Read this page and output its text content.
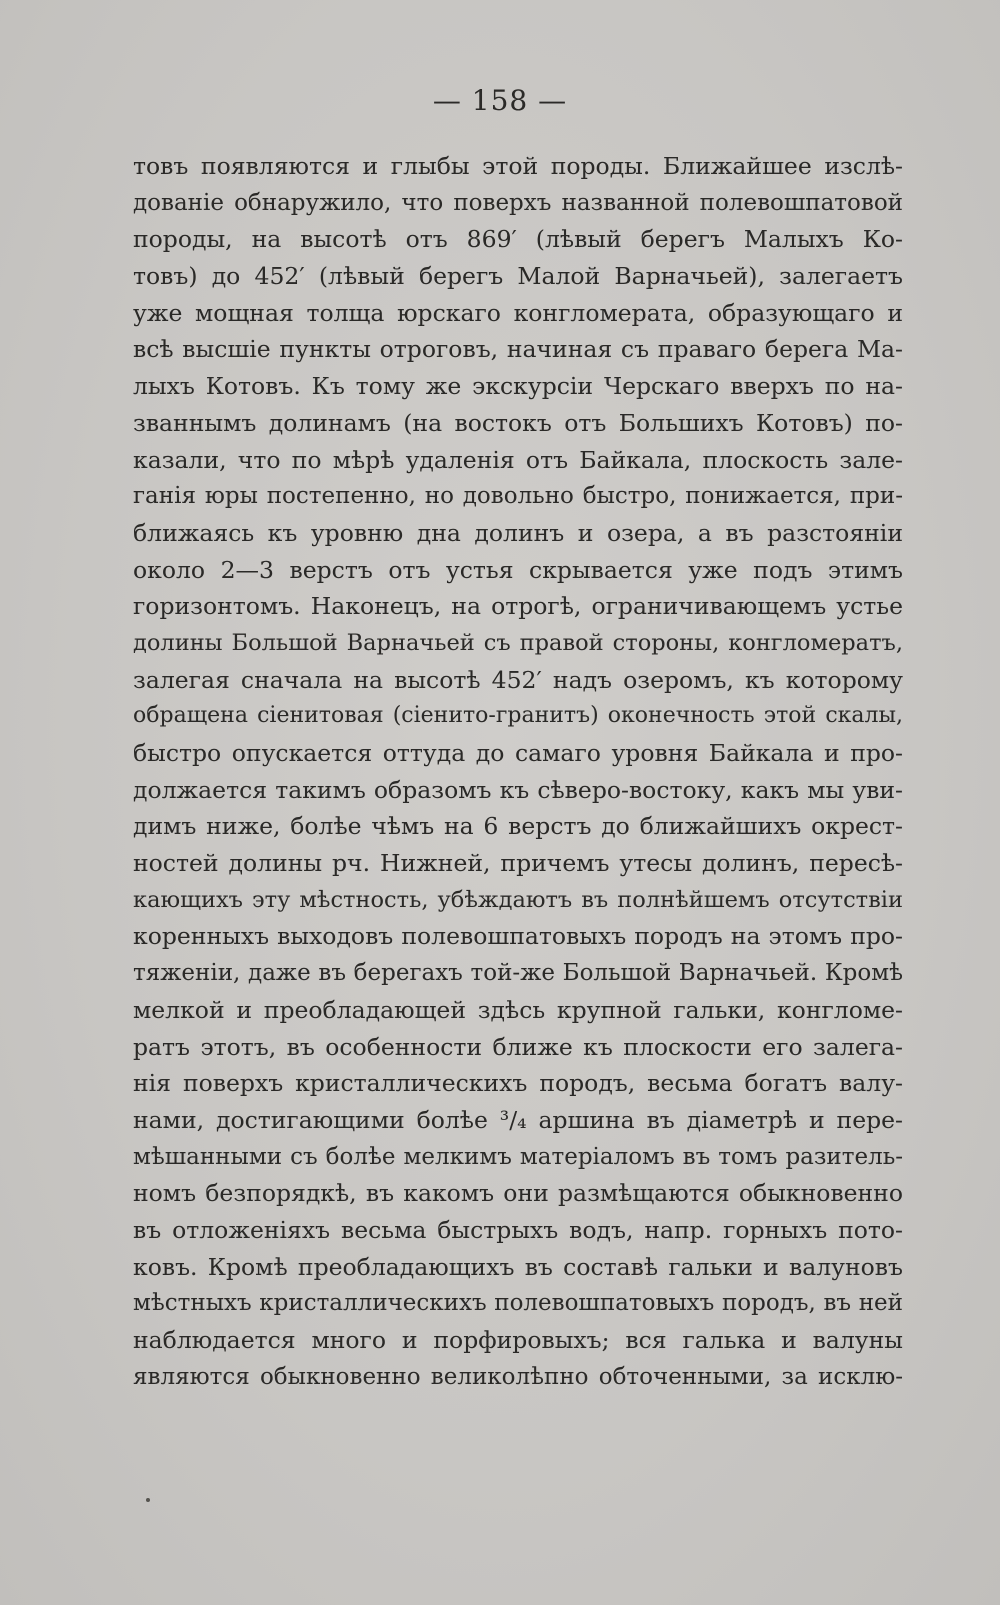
— 158 —
товъ появляются и глыбы этой породы. Ближайшее изслѣ-
дованіе обнаружило, что поверхъ названной полевошпатовой
породы, на высотѣ отъ 869′ (лѣвый берегъ Малыхъ Ко-
товъ) до 452′ (лѣвый берегъ Малой Варначьей), залегаетъ
уже мощная толща юрскаго конгломерата, образующаго и
всѣ высшіе пункты отроговъ, начиная съ праваго берега Ма-
лыхъ Котовъ. Къ тому же экскурсіи Черскаго вверхъ по на-
званнымъ долинамъ (на востокъ отъ Большихъ Котовъ) по-
казали, что по мѣрѣ удаленія отъ Байкала, плоскость зале-
ганія юры постепенно, но довольно быстро, понижается, при-
ближаясь къ уровню дна долинъ и озера, а въ разстояніи
около 2—3 верстъ отъ устья скрывается уже подъ этимъ
горизонтомъ. Наконецъ, на отрогѣ, ограничивающемъ устье
долины Большой Варначьей съ правой стороны, конгломератъ,
залегая сначала на высотѣ 452′ надъ озеромъ, къ которому
обращена сіенитовая (сіенито-гранитъ) оконечность этой скалы,
быстро опускается оттуда до самаго уровня Байкала и про-
должается такимъ образомъ къ сѣверо-востоку, какъ мы уви-
димъ ниже, болѣе чѣмъ на 6 верстъ до ближайшихъ окрест-
ностей долины рч. Нижней, причемъ утесы долинъ, пересѣ-
кающихъ эту мѣстность, убѣждаютъ въ полнѣйшемъ отсутствіи
коренныхъ выходовъ полевошпатовыхъ породъ на этомъ про-
тяженіи, даже въ берегахъ той-же Большой Варначьей. Кромѣ
мелкой и преобладающей здѣсь крупной гальки, конгломе-
ратъ этотъ, въ особенности ближе къ плоскости его залега-
нія поверхъ кристаллическихъ породъ, весьма богатъ валу-
нами, достигающими болѣе ³/₄ аршина въ діаметрѣ и пере-
мѣшанными съ болѣе мелкимъ матеріаломъ въ томъ разитель-
номъ безпорядкѣ, въ какомъ они размѣщаются обыкновенно
въ отложеніяхъ весьма быстрыхъ водъ, напр. горныхъ пото-
ковъ. Кромѣ преобладающихъ въ составѣ гальки и валуновъ
мѣстныхъ кристаллическихъ полевошпатовыхъ породъ, въ ней
наблюдается много и порфировыхъ; вся галька и валуны
являются обыкновенно великолѣпно обточенными, за исклю-
